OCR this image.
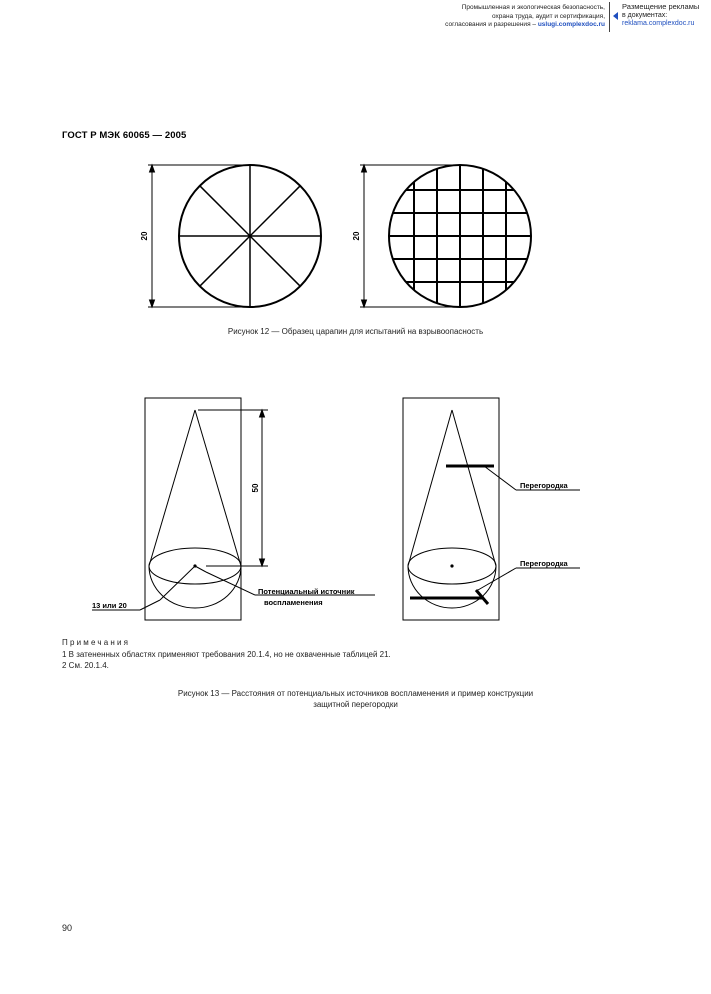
Промышленная и экологическая безопасность,
охрана труда, аудит и сертификация,
согласования и разрешения – uslugi.complexdoc.ru
Размещение рекламы
в документах:
reklama.complexdoc.ru
ГОСТ Р МЭК 60065 — 2005
20	20
Рисунок 12 — Образец царапин для испытаний на взрывоопасность
50
13 или 20
Потенциальный источник
воспламенения
Перегородка
Перегородка
Примечания
1 В затененных областях применяют требования 20.1.4, но не охваченные таблицей 21.
2 См. 20.1.4.
Рисунок 13 — Расстояния от потенциальных источников воспламенения и пример конструкции
защитной перегородки
90
